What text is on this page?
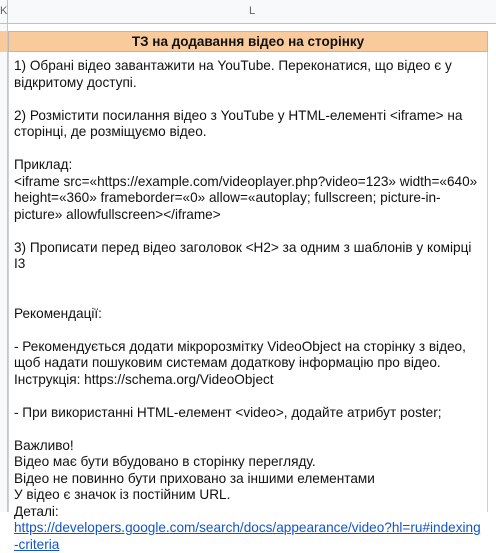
K	L
ТЗ на додавання відео на сторінку

1) Обрані відео завантажити на YouTube. Переконатися, що відео є у відкритому доступі.

2) Розмістити посилання відео з YouTube у HTML-елементі <iframe> на сторінці, де розміщуємо відео.

Приклад:

<iframe src=«https://example.com/videoplayer.php?video=123» width=«640» height=«360» frameborder=«0» allow=«autoplay; fullscreen; picture-in-picture» allowfullscreen></iframe>

3) Прописати перед відео заголовок <H2> за одним з шаблонів у комірці I3

Рекомендації:

- Рекомендується додати мікророзмітку VideoObject на сторінку з відео, щоб надати пошуковим системам додаткову інформацію про відео.

Інструкція: https://schema.org/VideoObject

- При використанні HTML-елемент <video>, додайте атрибут poster;

Важливо!

Відео має бути вбудовано в сторінку перегляду.

Відео не повинно бути приховано за іншими елементами

У відео є значок із постійним URL.

Деталі:

https://developers.google.com/search/docs/appearance/video?hl=ru#indexing-criteria
